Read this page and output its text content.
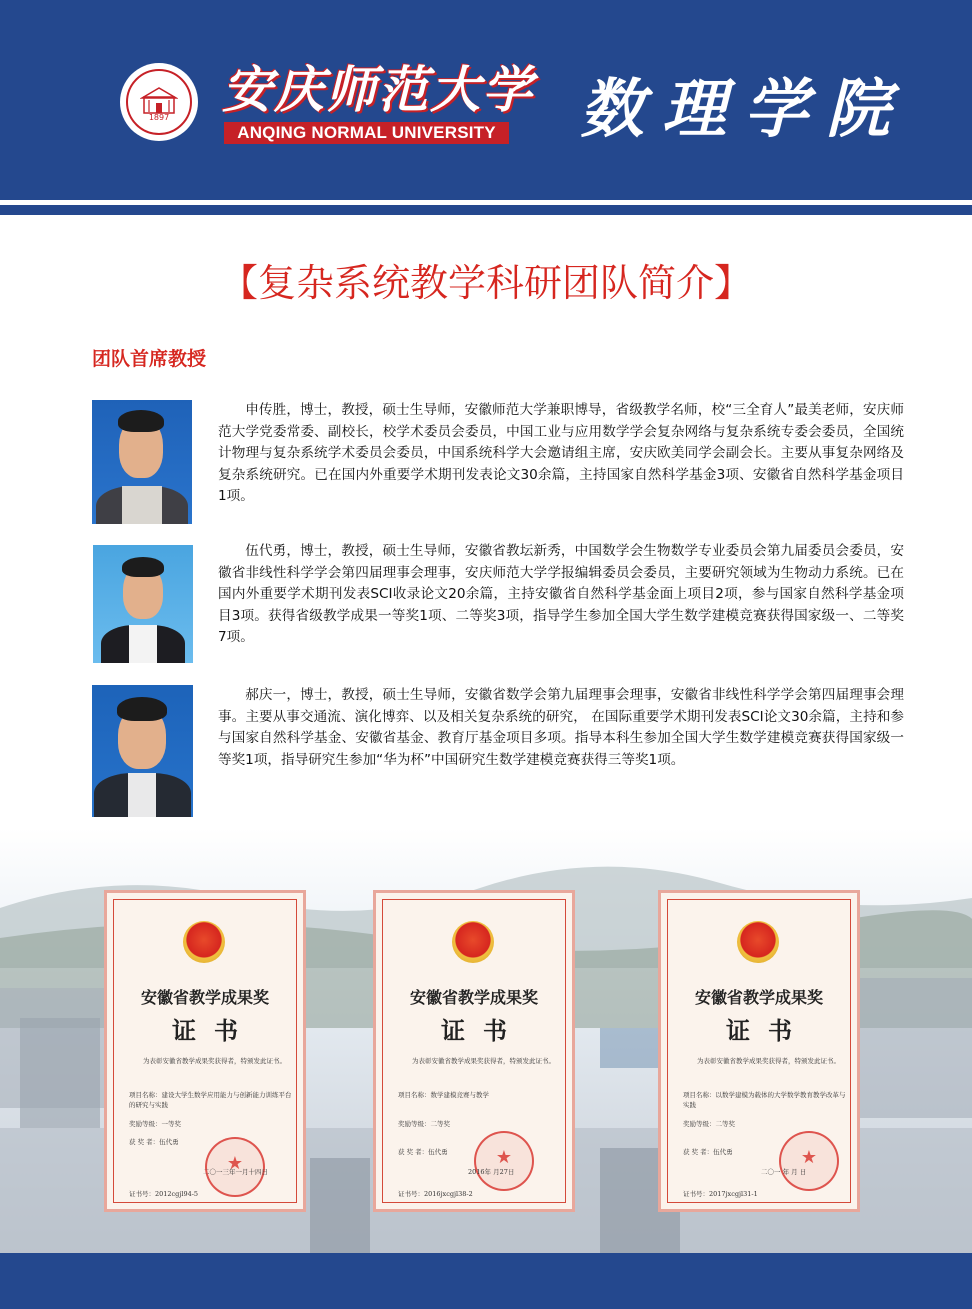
1897	安庆师范大学
ANQING NORMAL UNIVERSITY 数理学院
【复杂系统教学科研团队简介】
团队首席教授

申传胜，博士，教授，硕士生导师，安徽师范大学兼职博导，省级教学名师，校“三全育人”最美老师，安庆师范大学党委常委、副校长，校学术委员会委员，中国工业与应用数学学会复杂网络与复杂系统专委会委员，全国统计物理与复杂系统学术委员会委员，中国系统科学大会邀请组主席，安庆欧美同学会副会长。主要从事复杂网络及复杂系统研究。已在国内外重要学术期刊发表论文30余篇，主持国家自然科学基金3项、安徽省自然科学基金项目1项。

伍代勇，博士，教授，硕士生导师，安徽省教坛新秀，中国数学会生物数学专业委员会第九届委员会委员，安徽省非线性科学学会第四届理事会理事，安庆师范大学学报编辑委员会委员，主要研究领域为生物动力系统。已在国内外重要学术期刊发表SCI收录论文20余篇，主持安徽省自然科学基金面上项目2项，参与国家自然科学基金项目3项。获得省级教学成果一等奖1项、二等奖3项，指导学生参加全国大学生数学建模竞赛获得国家级一、二等奖7项。

郝庆一，博士，教授，硕士生导师，安徽省数学会第九届理事会理事，安徽省非线性科学学会第四届理事会理事。主要从事交通流、演化博弈、以及相关复杂系统的研究， 在国际重要学术期刊发表SCI论文30余篇，主持和参与国家自然科学基金、安徽省基金、教育厅基金项目多项。指导本科生参加全国大学生数学建模竞赛获得国家级一等奖1项，指导研究生参加“华为杯”中国研究生数学建模竞赛获得三等奖1项。

安徽省教学成果奖
证书
为表彰安徽省教学成果奖获得者，特颁发此证书。
项目名称：建设大学生数学应用能力与创新能力训练平台的研究与实践
奖励等级：一等奖
获 奖 者：伍代勇
★
二〇一三年一月十四日
证书号：2012cgjl94-5
安徽省教学成果奖
证书
为表彰安徽省教学成果奖获得者，特颁发此证书。
项目名称：数学建模竞赛与教学
奖励等级：二等奖
获 奖 者：伍代勇
★
2016年 月27日
证书号：2016jxcgjl38-2
安徽省教学成果奖
证书
为表彰安徽省教学成果奖获得者，特颁发此证书。
项目名称：以数学建模为载体的大学数学教育教学改革与实践
奖励等级：二等奖
获 奖 者：伍代勇
★
二〇一 年 月 日
证书号：2017jxcgjl31-1
